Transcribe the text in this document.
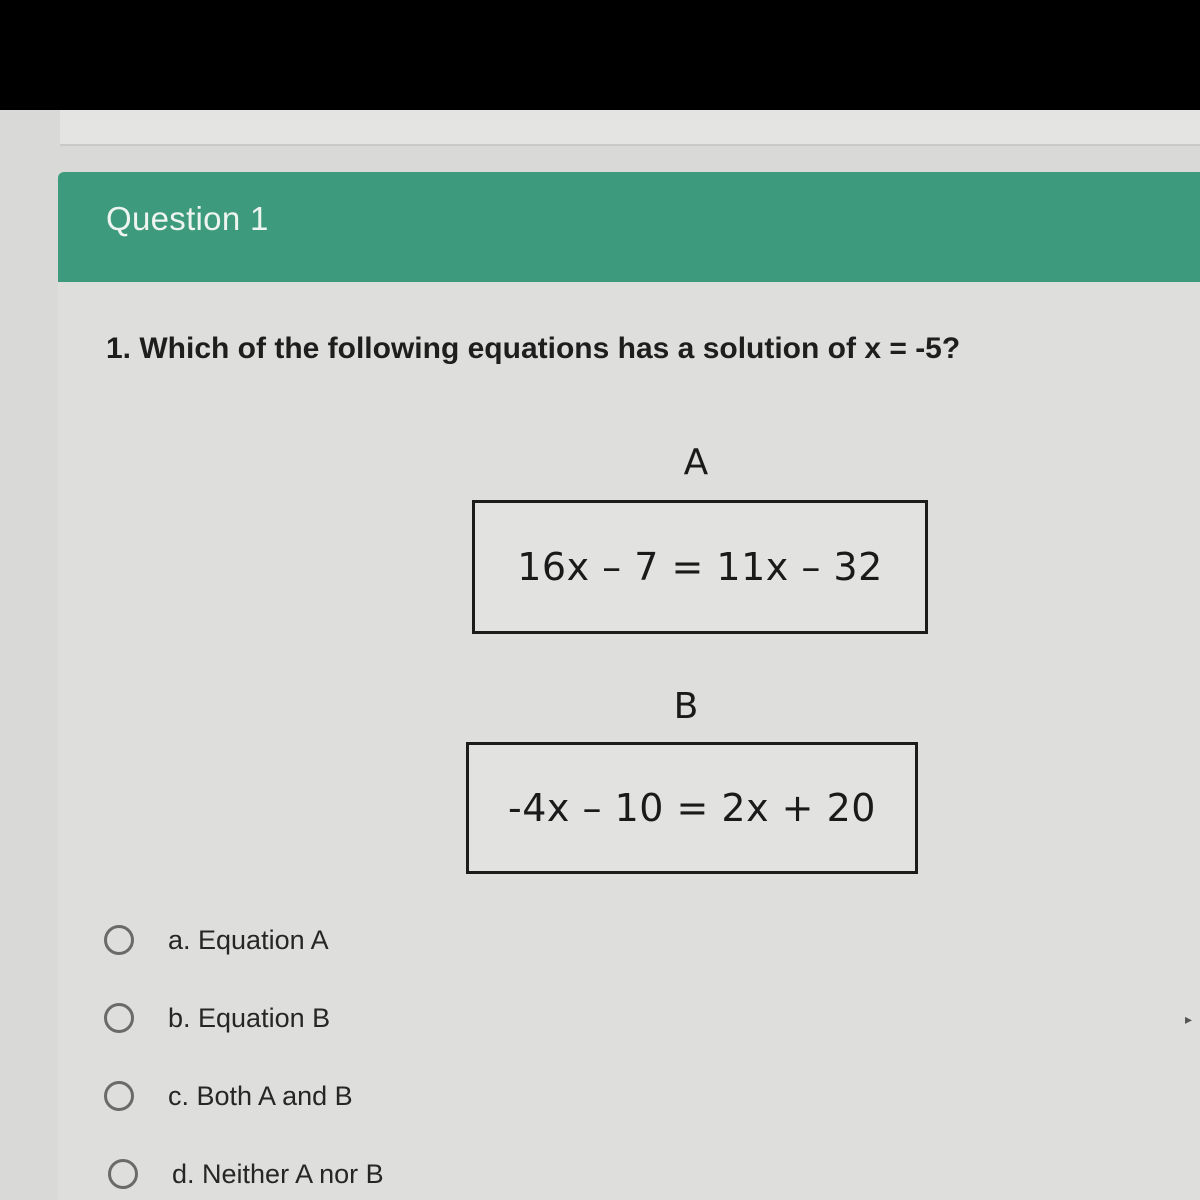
Question 1
1. Which of the following equations has a solution of x = -5?
A
16x – 7 = 11x – 32
B
-4x – 10 = 2x + 20
a. Equation A
b. Equation B
c. Both A and B
d. Neither A nor B
▸
